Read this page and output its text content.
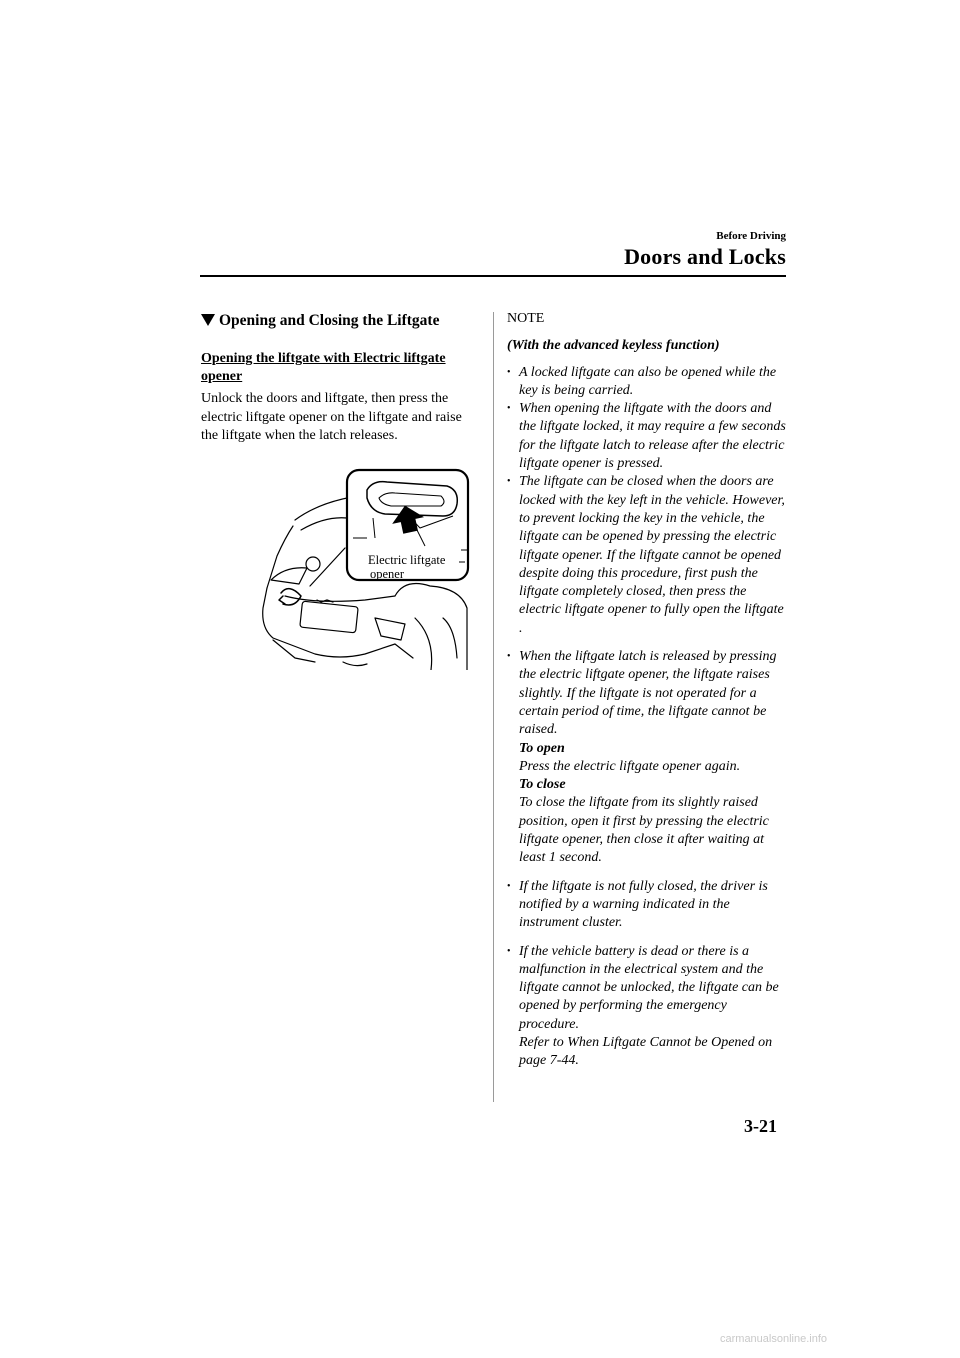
Before Driving
Doors and Locks
Opening and Closing the Liftgate
Opening the liftgate with Electric liftgate opener
Unlock the doors and liftgate, then press the electric liftgate opener on the liftgate and raise the liftgate when the latch releases.
Electric liftgate
opener
NOTE
(With the advanced keyless function)
• A locked liftgate can also be opened while the key is being carried.
• When opening the liftgate with the doors and the liftgate locked, it may require a few seconds for the liftgate latch to release after the electric liftgate opener is pressed.
• The liftgate can be closed when the doors are locked with the key left in the vehicle. However, to prevent locking the key in the vehicle, the liftgate can be opened by pressing the electric liftgate opener. If the liftgate cannot be opened despite doing this procedure, first push the liftgate completely closed, then press the electric liftgate opener to fully open the liftgate .
• When the liftgate latch is released by pressing the electric liftgate opener, the liftgate raises slightly. If the liftgate is not operated for a certain period of time, the liftgate cannot be raised.
To open
Press the electric liftgate opener again.
To close
To close the liftgate from its slightly raised position, open it first by pressing the electric liftgate opener, then close it after waiting at least 1 second.
• If the liftgate is not fully closed, the driver is notified by a warning indicated in the instrument cluster.
• If the vehicle battery is dead or there is a malfunction in the electrical system and the liftgate cannot be unlocked, the liftgate can be opened by performing the emergency procedure.
Refer to When Liftgate Cannot be Opened on page 7-44.
3-21
carmanualsonline.info
